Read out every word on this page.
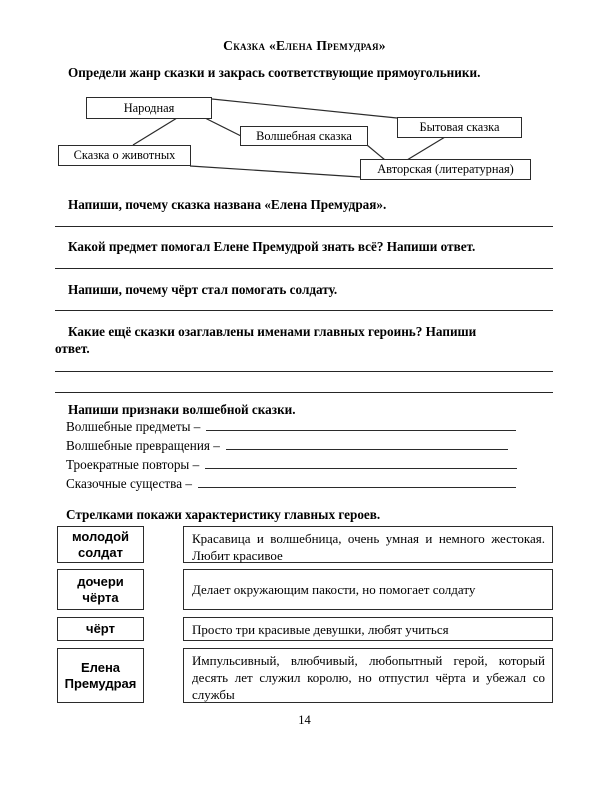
Сказка «Елена Премудрая»
Определи жанр сказки и закрась соответствующие прямоугольники.
Народная
Волшебная сказка
Бытовая сказка
Сказка о животных
Авторская (литературная)
Напиши, почему сказка названа «Елена Премудрая».
Какой предмет помогал Елене Премудрой знать всё? Напиши ответ.
Напиши, почему чёрт стал помогать солдату.
Какие ещё сказки озаглавлены именами главных героинь? Напиши
ответ.
Напиши признаки волшебной сказки.
Волшебные предметы –
Волшебные превращения –
Троекратные повторы –
Сказочные существа –
Стрелками покажи характеристику главных героев.
молодой
солдат
Красавица и волшебница, очень умная и немного жестокая. Любит красивое
дочери
чёрта	Делает окружающим пакости, но помогает солдату
чёрт	Просто три красивые девушки, любят учиться
Елена
Премудрая
Импульсивный, влюбчивый, любопытный герой, который десять лет служил королю, но отпустил чёрта и убежал со службы
14
